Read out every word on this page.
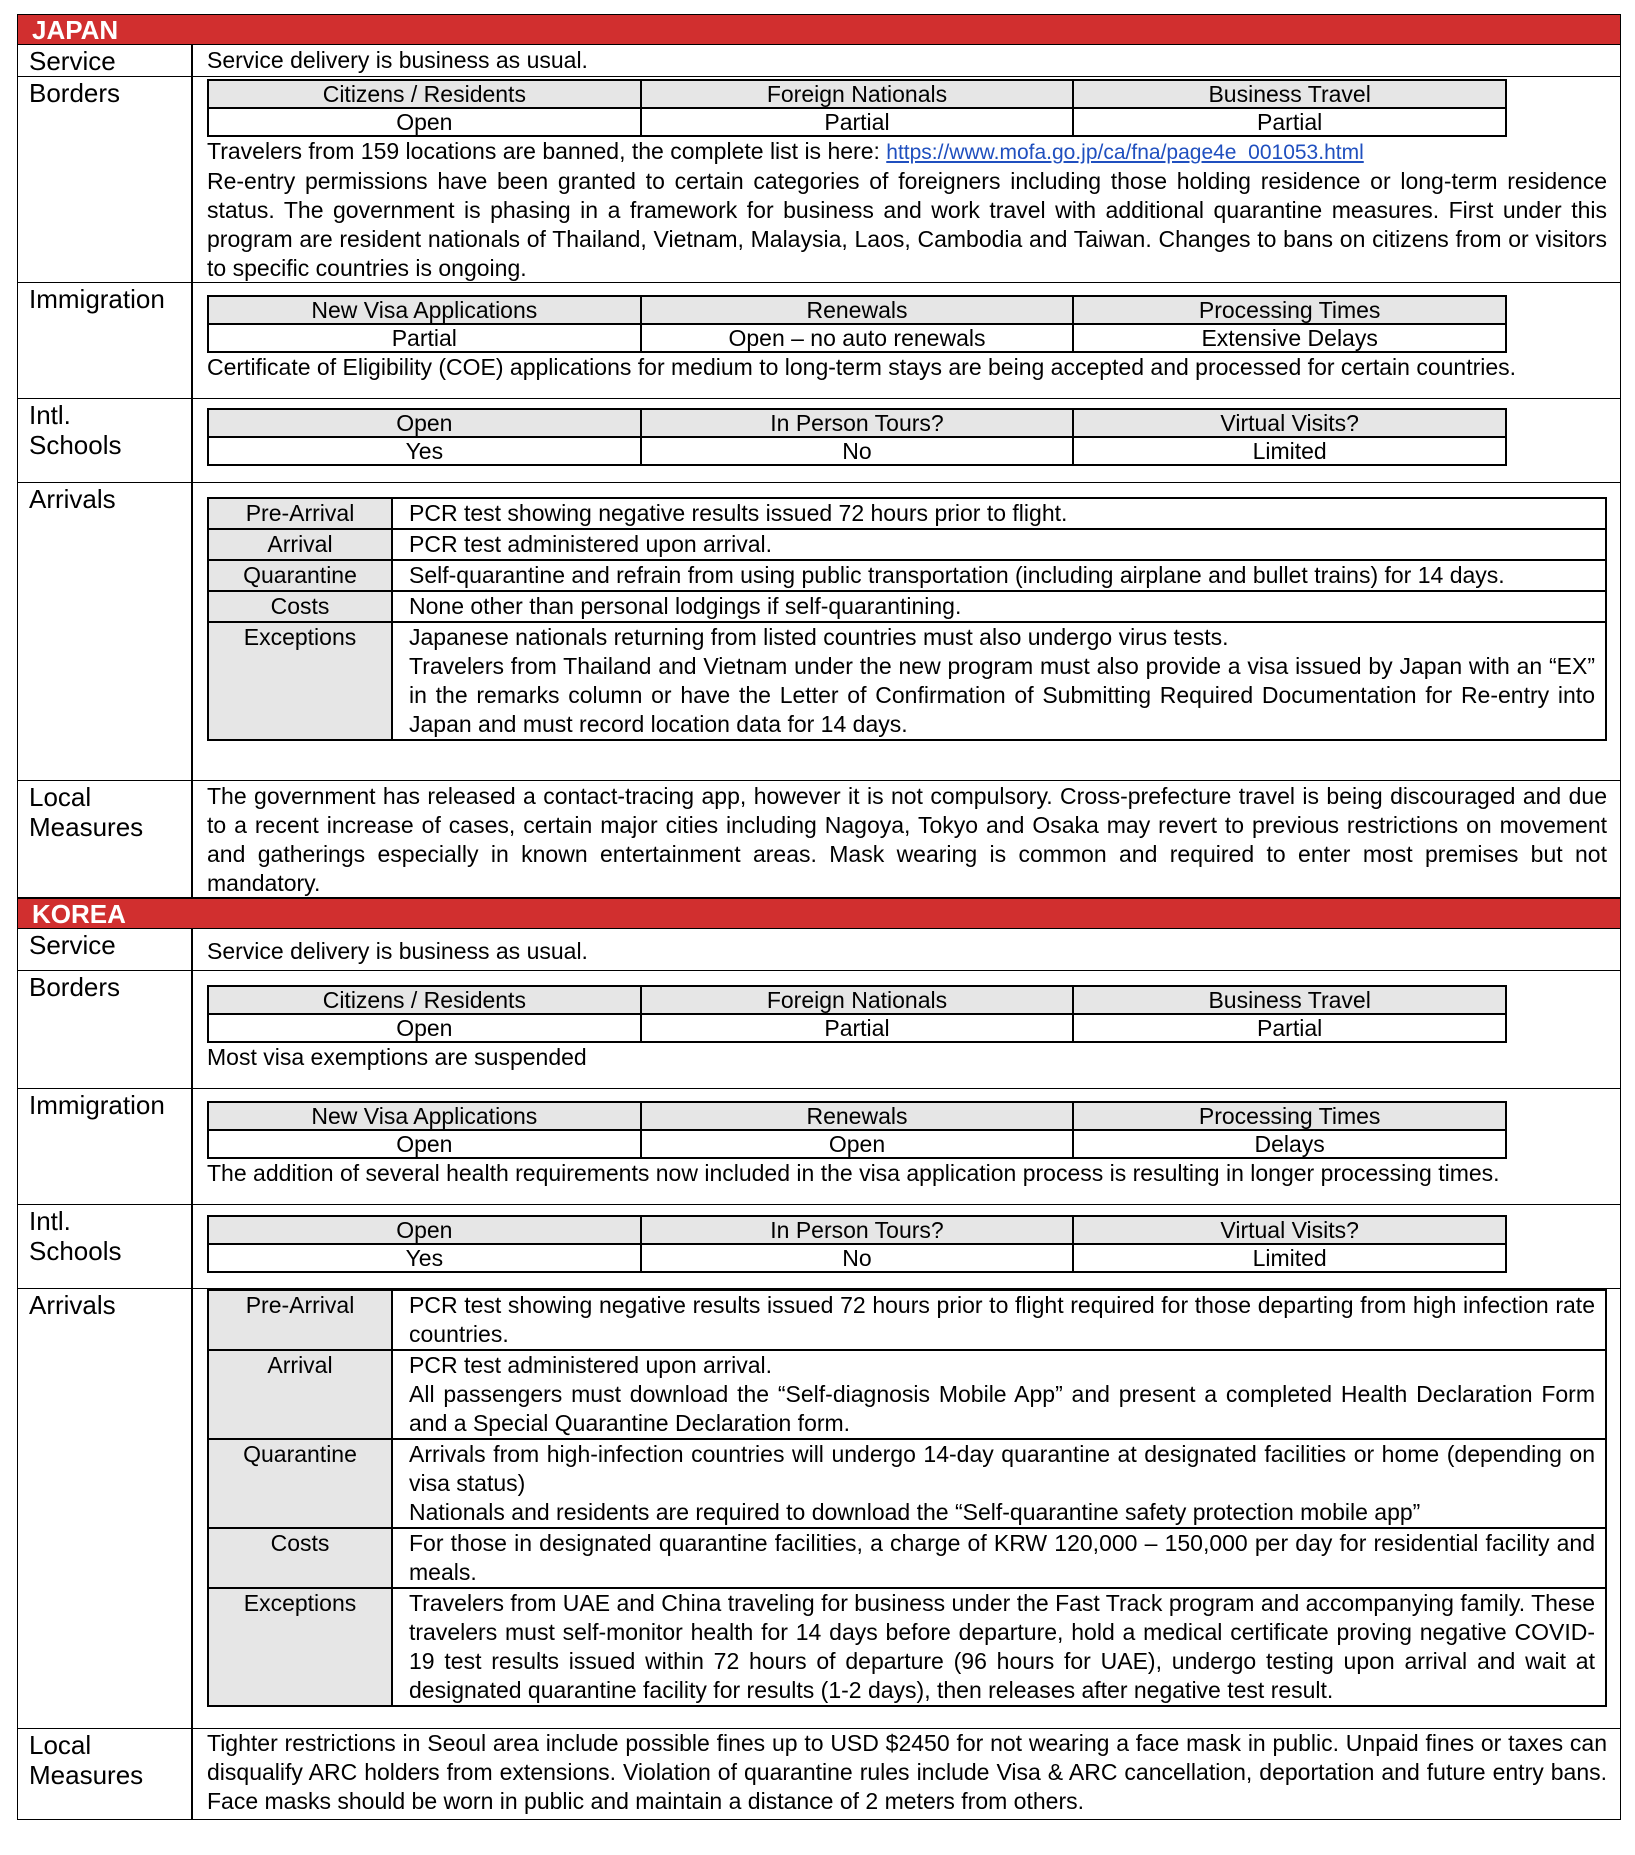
JAPAN
Service	Service delivery is business as usual.
Borders	Citizens / Residents	Foreign Nationals	Business Travel
Open	Partial	Partial
Travelers from 159 locations are banned, the complete list is here: https://www.mofa.go.jp/ca/fna/page4e_001053.html
Re-entry permissions have been granted to certain categories of foreigners including those holding residence or long-term residence status. The government is phasing in a framework for business and work travel with additional quarantine measures. First under this program are resident nationals of Thailand, Vietnam, Malaysia, Laos, Cambodia and Taiwan. Changes to bans on citizens from or visitors to specific countries is ongoing.
Immigration	New Visa Applications	Renewals	Processing Times
Partial	Open – no auto renewals	Extensive Delays
Certificate of Eligibility (COE) applications for medium to long-term stays are being accepted and processed for certain countries.
Intl.
Schools
Open	In Person Tours?	Virtual Visits?
Yes	No	Limited
Arrivals	Pre-Arrival	PCR test showing negative results issued 72 hours prior to flight.
Arrival	PCR test administered upon arrival.
Quarantine	Self-quarantine and refrain from using public transportation (including airplane and bullet trains) for 14 days.
Costs	None other than personal lodgings if self-quarantining.
Exceptions	Japanese nationals returning from listed countries must also undergo virus tests.
Travelers from Thailand and Vietnam under the new program must also provide a visa issued by Japan with an “EX” in the remarks column or have the Letter of Confirmation of Submitting Required Documentation for Re-entry into Japan and must record location data for 14 days.
Local
Measures
The government has released a contact-tracing app, however it is not compulsory. Cross-prefecture travel is being discouraged and due to a recent increase of cases, certain major cities including Nagoya, Tokyo and Osaka may revert to previous restrictions on movement and gatherings especially in known entertainment areas. Mask wearing is common and required to enter most premises but not mandatory.
KOREA
Service	Service delivery is business as usual.
Borders	Citizens / Residents	Foreign Nationals	Business Travel
Open	Partial	Partial
Most visa exemptions are suspended
Immigration	New Visa Applications	Renewals	Processing Times
Open	Open	Delays
The addition of several health requirements now included in the visa application process is resulting in longer processing times.
Intl.
Schools
Open	In Person Tours?	Virtual Visits?
Yes	No	Limited
Arrivals	Pre-Arrival	PCR test showing negative results issued 72 hours prior to flight required for those departing from high infection rate countries.
Arrival	PCR test administered upon arrival.
All passengers must download the “Self-diagnosis Mobile App” and present a completed Health Declaration Form and a Special Quarantine Declaration form.

Quarantine	Arrivals from high-infection countries will undergo 14-day quarantine at designated facilities or home (depending on visa status)
Nationals and residents are required to download the “Self-quarantine safety protection mobile app”

Costs	For those in designated quarantine facilities, a charge of KRW 120,000 – 150,000 per day for residential facility and meals.
Exceptions	Travelers from UAE and China traveling for business under the Fast Track program and accompanying family. These travelers must self-monitor health for 14 days before departure, hold a medical certificate proving negative COVID-19 test results issued within 72 hours of departure (96 hours for UAE), undergo testing upon arrival and wait at designated quarantine facility for results (1-2 days), then releases after negative test result.
Local
Measures
Tighter restrictions in Seoul area include possible fines up to USD $2450 for not wearing a face mask in public. Unpaid fines or taxes can disqualify ARC holders from extensions. Violation of quarantine rules include Visa & ARC cancellation, deportation and future entry bans. Face masks should be worn in public and maintain a distance of 2 meters from others.
